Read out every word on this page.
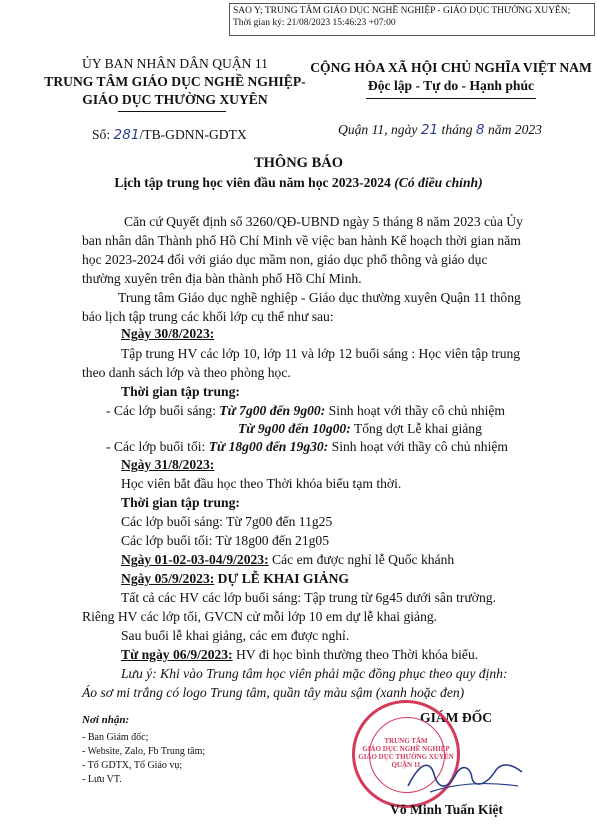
SAO Y; TRUNG TÂM GIÁO DỤC NGHỀ NGHIỆP - GIÁO DỤC THƯỜNG XUYÊN;
Thời gian ký: 21/08/2023 15:46:23 +07:00
ỦY BAN NHÂN DÂN QUẬN 11
TRUNG TÂM GIÁO DỤC NGHỀ NGHIỆP-
GIÁO DỤC THƯỜNG XUYÊN
CỘNG HÒA XÃ HỘI CHỦ NGHĨA VIỆT NAM
Độc lập - Tự do - Hạnh phúc
Số: 281/TB-GDNN-GDTX	Quận 11, ngày 21 tháng 8 năm 2023
THÔNG BÁO
Lịch tập trung học viên đầu năm học 2023-2024 (Có điều chỉnh)
Căn cứ Quyết định số 3260/QĐ-UBND ngày 5 tháng 8 năm 2023 của Ủy
ban nhân dân Thành phố Hồ Chí Minh về việc ban hành Kế hoạch thời gian năm
học 2023-2024 đối với giáo dục mầm non, giáo dục phổ thông và giáo dục
thường xuyên trên địa bàn thành phố Hồ Chí Minh.
Trung tâm Giáo dục nghề nghiệp - Giáo dục thường xuyên Quận 11 thông
báo lịch tập trung các khối lớp cụ thể như sau:
Ngày 30/8/2023:
Tập trung HV các lớp 10, lớp 11 và lớp 12 buổi sáng : Học viên tập trung
theo danh sách lớp và theo phòng học.
Thời gian tập trung:
- Các lớp buổi sáng: Từ 7g00 đến 9g00: Sinh hoạt với thầy cô chủ nhiệm
Từ 9g00 đến 10g00: Tổng dợt Lễ khai giảng
- Các lớp buổi tối: Từ 18g00 đến 19g30: Sinh hoạt với thầy cô chủ nhiệm
Ngày 31/8/2023:
Học viên bắt đầu học theo Thời khóa biểu tạm thời.
Thời gian tập trung:
Các lớp buổi sáng: Từ 7g00 đến 11g25
Các lớp buổi tối: Từ 18g00 đến 21g05
Ngày 01-02-03-04/9/2023: Các em được nghỉ lễ Quốc khánh
Ngày 05/9/2023: DỰ LỄ KHAI GIẢNG
Tất cả các HV các lớp buổi sáng: Tập trung từ 6g45 dưới sân trường.
Riêng HV các lớp tối, GVCN cử mỗi lớp 10 em dự lễ khai giảng.
Sau buổi lễ khai giảng, các em được nghỉ.
Từ ngày 06/9/2023: HV đi học bình thường theo Thời khóa biểu.
Lưu ý: Khi vào Trung tâm học viên phải mặc đồng phục theo quy định:
Áo sơ mi trắng có logo Trung tâm, quần tây màu sậm (xanh hoặc đen)
Nơi nhận:
- Ban Giám đốc;
- Website, Zalo, Fb Trung tâm;
- Tổ GDTX, Tổ Giáo vụ;
- Lưu VT.
GIÁM ĐỐC
TRUNG TÂM
GIÁO DỤC NGHỀ NGHIỆP
GIÁO DỤC THƯỜNG XUYÊN
QUẬN 11
Võ Minh Tuấn Kiệt
